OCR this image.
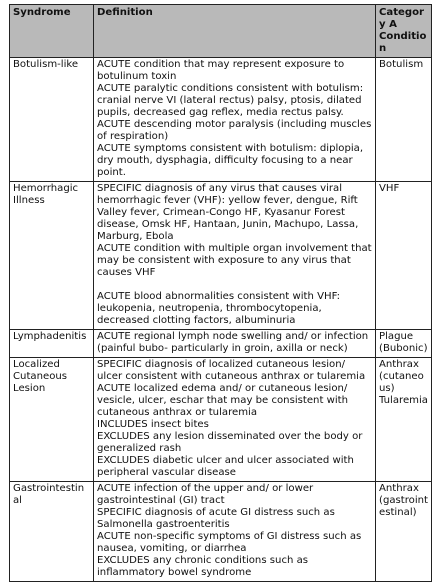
Syndrome	Definition	Category A Condition
Botulism-like	ACUTE condition that may represent exposure to botulinum toxin
ACUTE paralytic conditions consistent with botulism: cranial nerve VI (lateral rectus) palsy, ptosis, dilated pupils, decreased gag reflex, media rectus palsy.
ACUTE descending motor paralysis (including muscles of respiration)
ACUTE symptoms consistent with botulism: diplopia, dry mouth, dysphagia, difficulty focusing to a near point.	Botulism
Hemorrhagic Illness	SPECIFIC diagnosis of any virus that causes viral hemorrhagic fever (VHF): yellow fever, dengue, Rift Valley fever, Crimean-Congo HF, Kyasanur Forest disease, Omsk HF, Hantaan, Junin, Machupo, Lassa, Marburg, Ebola
ACUTE condition with multiple organ involvement that may be consistent with exposure to any virus that causes VHF
ACUTE blood abnormalities consistent with VHF: leukopenia, neutropenia, thrombocytopenia, decreased clotting factors, albuminuria	VHF
Lymphadenitis	ACUTE regional lymph node swelling and/ or infection (painful bubo- particularly in groin, axilla or neck)	Plague (Bubonic)
Localized Cutaneous Lesion	SPECIFIC diagnosis of localized cutaneous lesion/ ulcer consistent with cutaneous anthrax or tularemia
ACUTE localized edema and/ or cutaneous lesion/ vesicle, ulcer, eschar that may be consistent with cutaneous anthrax or tularemia
INCLUDES insect bites
EXCLUDES any lesion disseminated over the body or generalized rash
EXCLUDES diabetic ulcer and ulcer associated with peripheral vascular disease	Anthrax (cutaneous) Tularemia
Gastrointestinal	ACUTE infection of the upper and/ or lower gastrointestinal (GI) tract
SPECIFIC diagnosis of acute GI distress such as Salmonella gastroenteritis
ACUTE non-specific symptoms of GI distress such as nausea, vomiting, or diarrhea
EXCLUDES any chronic conditions such as inflammatory bowel syndrome	Anthrax (gastrointestinal)
